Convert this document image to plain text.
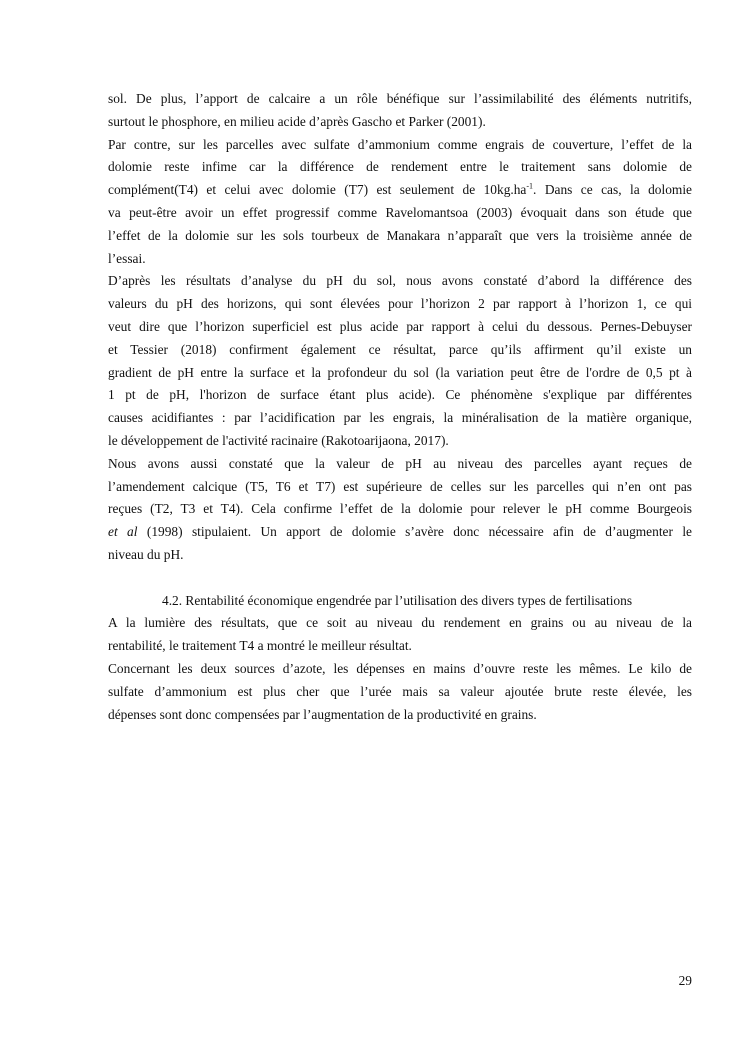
sol. De plus, l’apport de calcaire a un rôle bénéfique sur l’assimilabilité des éléments nutritifs,
surtout le phosphore, en milieu acide d’après Gascho et Parker (2001).

Par contre, sur les parcelles avec sulfate d’ammonium comme engrais de couverture, l’effet de la
dolomie reste infime car la différence de rendement entre le traitement sans dolomie de
complément(T4) et celui avec dolomie (T7) est seulement de $10kg.ha^{-1}$. Dans ce cas, la dolomie
va peut-être avoir un effet progressif comme Ravelomantsoa (2003) évoquait dans son étude que
l’effet de la dolomie sur les sols tourbeux de Manakara n’apparaît que vers la troisième année de
l’essai.

D’après les résultats d’analyse du pH du sol, nous avons constaté d’abord la différence des
valeurs du pH des horizons, qui sont élevées pour l’horizon 2 par rapport à l’horizon 1, ce qui
veut dire que l’horizon superficiel est plus acide par rapport à celui du dessous. Pernes-Debuyser
et Tessier (2018) confirment également ce résultat, parce qu’ils affirment qu’il existe un
gradient de pH entre la surface et la profondeur du sol (la variation peut être de l'ordre de 0,5 pt à
1 pt de pH, l'horizon de surface étant plus acide). Ce phénomène s'explique par différentes
causes acidifiantes : par l’acidification par les engrais, la minéralisation de la matière organique,
le développement de l'activité racinaire (Rakotoarijaona, 2017).

Nous avons aussi constaté que la valeur de pH au niveau des parcelles ayant reçues de
l’amendement calcique (T5, T6 et T7) est supérieure de celles sur les parcelles qui n’en ont pas
reçues (T2, T3 et T4). Cela confirme l’effet de la dolomie pour relever le pH comme Bourgeois
et al (1998) stipulaient. Un apport de dolomie s’avère donc nécessaire afin de d’augmenter le
niveau du pH.

4.2. Rentabilité économique engendrée par l’utilisation des divers types de fertilisations

A la lumière des résultats, que ce soit au niveau du rendement en grains ou au niveau de la
rentabilité, le traitement T4 a montré le meilleur résultat.

Concernant les deux sources d’azote, les dépenses en mains d’ouvre reste les mêmes. Le kilo de
sulfate d’ammonium est plus cher que l’urée mais sa valeur ajoutée brute reste élevée, les
dépenses sont donc compensées par l’augmentation de la productivité en grains.

29
